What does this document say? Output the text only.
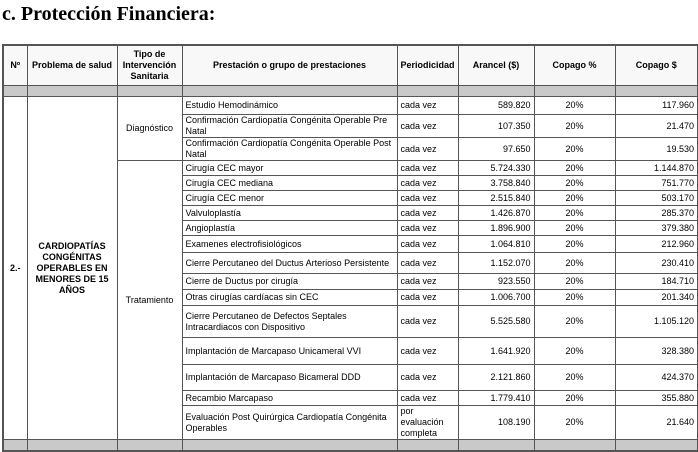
c. Protección Financiera:
Nº	Problema de salud	Tipo de Intervención Sanitaria	Prestación o grupo de prestaciones	Periodicidad	Arancel ($)	Copago %	Copago $

2.-	CARDIOPATÍAS CONGÉNITAS OPERABLES EN MENORES DE 15 AÑOS	Diagnóstico	Estudio Hemodinámico	cada vez	589.820	20%	117.960
			Confirmación Cardiopatía Congénita Operable Pre Natal	cada vez	107.350	20%	21.470
			Confirmación Cardiopatía Congénita Operable Post Natal	cada vez	97.650	20%	19.530
		Tratamiento	Cirugía CEC mayor	cada vez	5.724.330	20%	1.144.870
			Cirugía CEC mediana	cada vez	3.758.840	20%	751.770
			Cirugía CEC menor	cada vez	2.515.840	20%	503.170
			Valvuloplastía	cada vez	1.426.870	20%	285.370
			Angioplastía	cada vez	1.896.900	20%	379.380
			Examenes electrofisiológicos	cada vez	1.064.810	20%	212.960
			Cierre Percutaneo del Ductus Arterioso Persistente	cada vez	1.152.070	20%	230.410
			Cierre de Ductus por cirugía	cada vez	923.550	20%	184.710
			Otras cirugías cardíacas sin CEC	cada vez	1.006.700	20%	201.340
			Cierre Percutaneo de Defectos Septales Intracardiacos con Dispositivo	cada vez	5.525.580	20%	1.105.120
			Implantación de Marcapaso Unicameral VVI	cada vez	1.641.920	20%	328.380
			Implantación de Marcapaso Bicameral DDD	cada vez	2.121.860	20%	424.370
			Recambio Marcapaso	cada vez	1.779.410	20%	355.880
			Evaluación Post Quirúrgica Cardiopatía Congénita Operables	por evaluación completa	108.190	20%	21.640
